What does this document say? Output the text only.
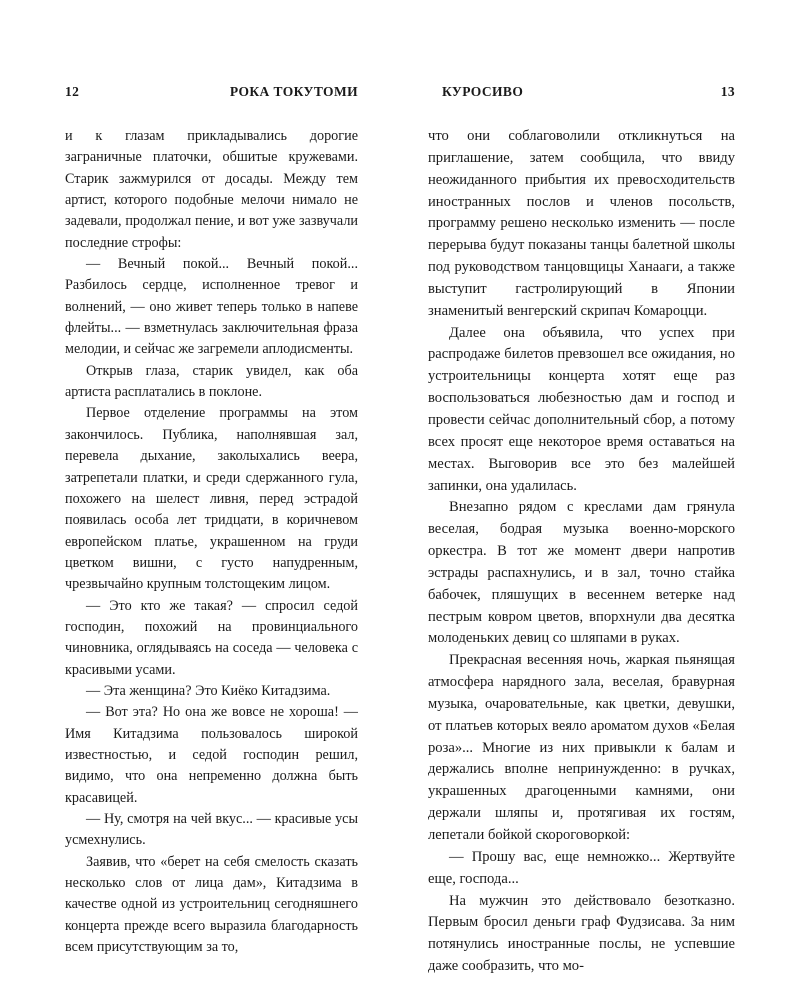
12	РОКА ТОКУТОМИ

и к глазам прикладывались дорогие заграничные платочки, обшитые кружевами. Старик зажмурился от досады. Между тем артист, которого подобные мелочи нимало не задевали, продолжал пение, и вот уже зазвучали последние строфы:

— Вечный покой... Вечный покой... Разбилось сердце, исполненное тревог и волнений, — оно живет теперь только в напеве флейты... — взметнулась заключительная фраза мелодии, и сейчас же загремели аплодисменты.

Открыв глаза, старик увидел, как оба артиста расплатались в поклоне.

Первое отделение программы на этом закончилось. Публика, наполнявшая зал, перевела дыхание, заколыхались веера, затрепетали платки, и среди сдержанного гула, похожего на шелест ливня, перед эстрадой появилась особа лет тридцати, в коричневом европейском платье, украшенном на груди цветком вишни, с густо напудренным, чрезвычайно крупным толстощеким лицом.

— Это кто же такая? — спросил седой господин, похожий на провинциального чиновника, оглядываясь на соседа — человека с красивыми усами.

— Эта женщина? Это Киёко Китадзима.

— Вот эта? Но она же вовсе не хороша! — Имя Китадзима пользовалось широкой известностью, и седой господин решил, видимо, что она непременно должна быть красавицей.

— Ну, смотря на чей вкус... — красивые усы усмехнулись.

Заявив, что «берет на себя смелость сказать несколько слов от лица дам», Китадзима в качестве одной из устроительниц сегодняшнего концерта прежде всего выразила благодарность всем присутствующим за то,

КУРОСИВО	13

что они соблаговолили откликнуться на приглашение, затем сообщила, что ввиду неожиданного прибытия их превосходительств иностранных послов и членов посольств, программу решено несколько изменить — после перерыва будут показаны танцы балетной школы под руководством танцовщицы Ханааги, а также выступит гастролирующий в Японии знаменитый венгерский скрипач Комароцци.

Далее она объявила, что успех при распродаже билетов превзошел все ожидания, но устроительницы концерта хотят еще раз воспользоваться любезностью дам и господ и провести сейчас дополнительный сбор, а потому всех просят еще некоторое время оставаться на местах. Выговорив все это без малейшей запинки, она удалилась.

Внезапно рядом с креслами дам грянула веселая, бодрая музыка военно-морского оркестра. В тот же момент двери напротив эстрады распахнулись, и в зал, точно стайка бабочек, пляшущих в весеннем ветерке над пестрым ковром цветов, впорхнули два десятка молоденьких девиц со шляпами в руках.

Прекрасная весенняя ночь, жаркая пьянящая атмосфера нарядного зала, веселая, бравурная музыка, очаровательные, как цветки, девушки, от платьев которых веяло ароматом духов «Белая роза»... Многие из них привыкли к балам и держались вполне непринужденно: в ручках, украшенных драгоценными камнями, они держали шляпы и, протягивая их гостям, лепетали бойкой скороговоркой:

— Прошу вас, еще немножко... Жертвуйте еще, господа...

На мужчин это действовало безотказно. Первым бросил деньги граф Фудзисава. За ним потянулись иностранные послы, не успевшие даже сообразить, что мо-
